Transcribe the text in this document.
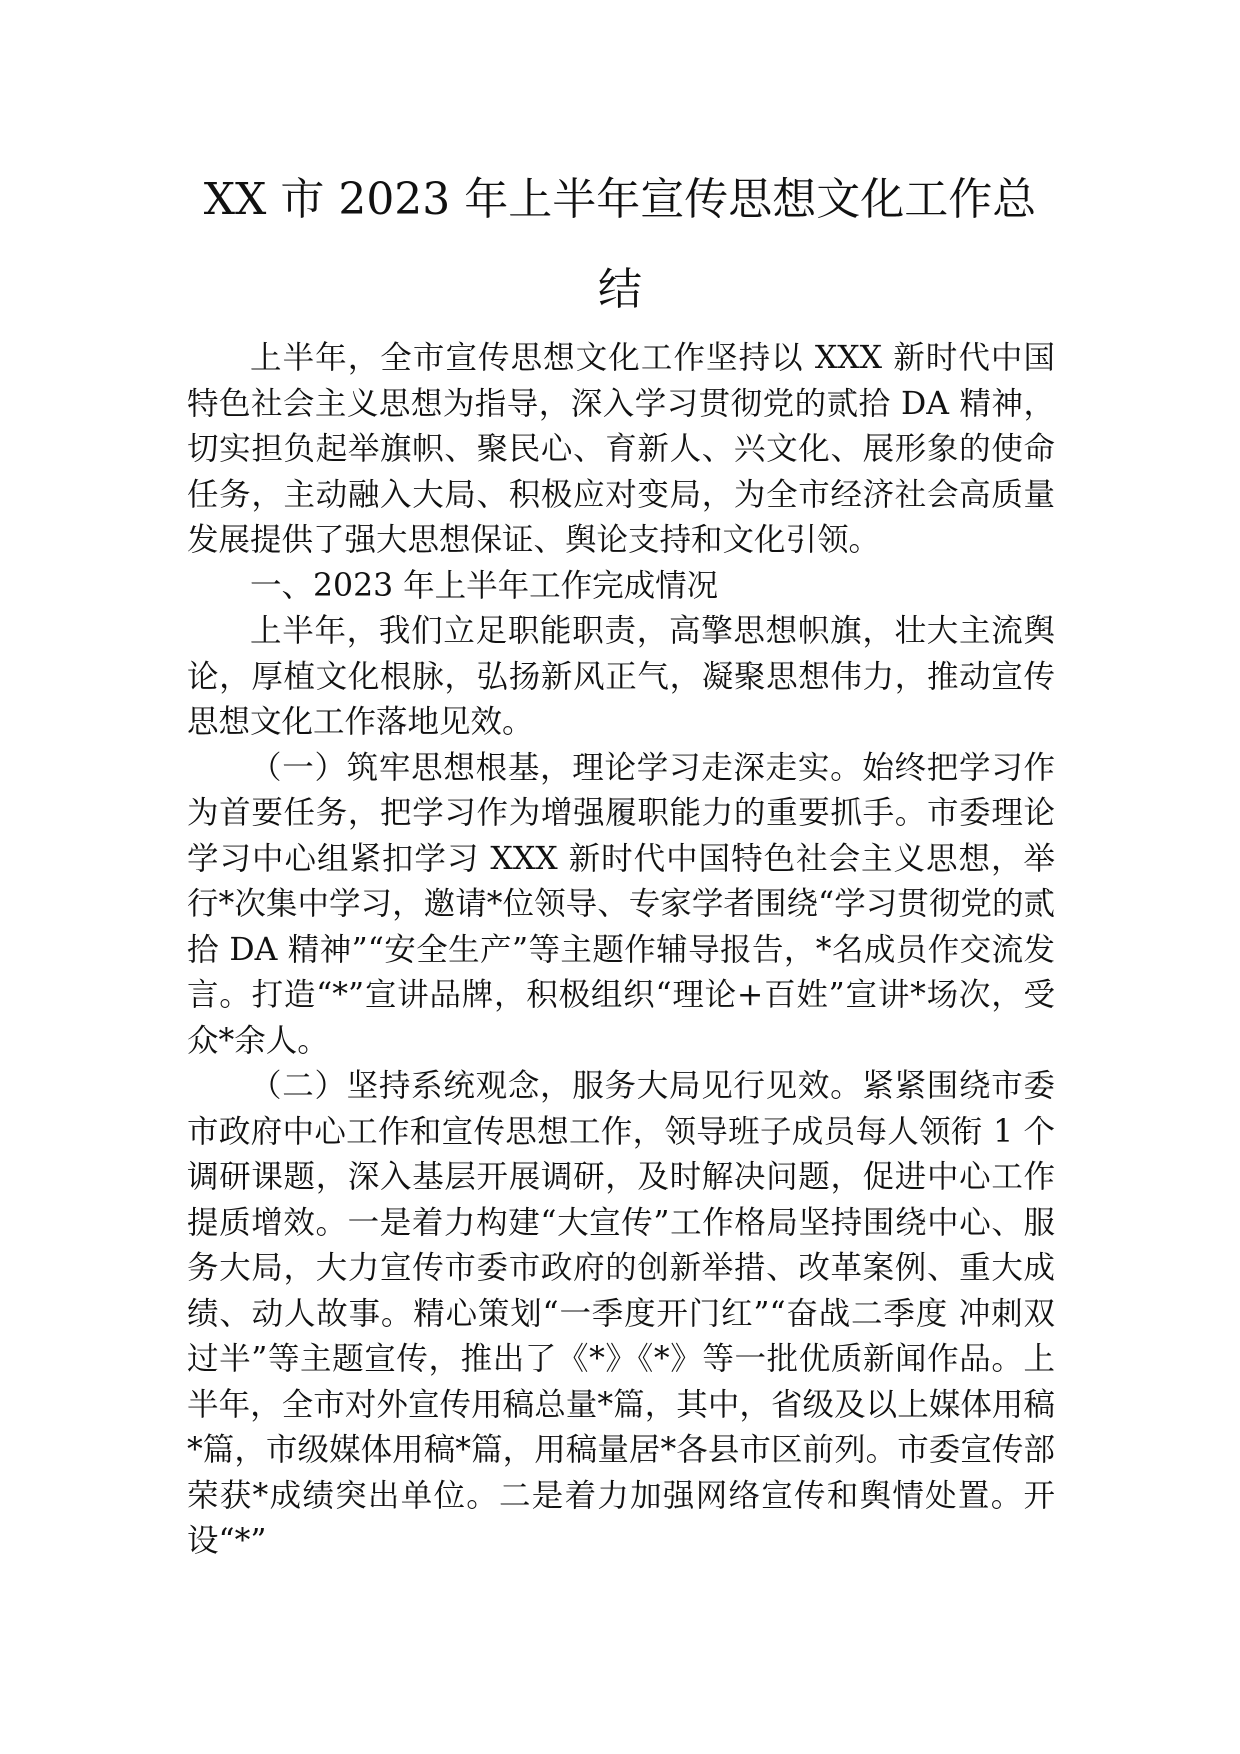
XX 市 2023 年上半年宣传思想文化工作总
结

上半年，全市宣传思想文化工作坚持以 XXX 新时代中国特色社会主义思想为指导，深入学习贯彻党的贰拾 DA 精神，切实担负起举旗帜、聚民心、育新人、兴文化、展形象的使命任务，主动融入大局、积极应对变局，为全市经济社会高质量发展提供了强大思想保证、舆论支持和文化引领。

一、2023 年上半年工作完成情况

上半年，我们立足职能职责，高擎思想帜旗，壮大主流舆论，厚植文化根脉，弘扬新风正气，凝聚思想伟力，推动宣传思想文化工作落地见效。

（一）筑牢思想根基，理论学习走深走实。始终把学习作为首要任务，把学习作为增强履职能力的重要抓手。市委理论学习中心组紧扣学习 XXX 新时代中国特色社会主义思想，举行*次集中学习，邀请*位领导、专家学者围绕“学习贯彻党的贰拾 DA 精神”“安全生产”等主题作辅导报告，*名成员作交流发言。打造“*”宣讲品牌，积极组织“理论+百姓”宣讲*场次，受众*余人。

（二）坚持系统观念，服务大局见行见效。紧紧围绕市委市政府中心工作和宣传思想工作，领导班子成员每人领衔 1 个调研课题，深入基层开展调研，及时解决问题，促进中心工作提质增效。一是着力构建“大宣传”工作格局坚持围绕中心、服务大局，大力宣传市委市政府的创新举措、改革案例、重大成绩、动人故事。精心策划“一季度开门红”“奋战二季度 冲刺双过半”等主题宣传，推出了《*》《*》等一批优质新闻作品。上半年，全市对外宣传用稿总量*篇，其中，省级及以上媒体用稿*篇，市级媒体用稿*篇，用稿量居*各县市区前列。市委宣传部荣获*成绩突出单位。二是着力加强网络宣传和舆情处置。开设“*”
